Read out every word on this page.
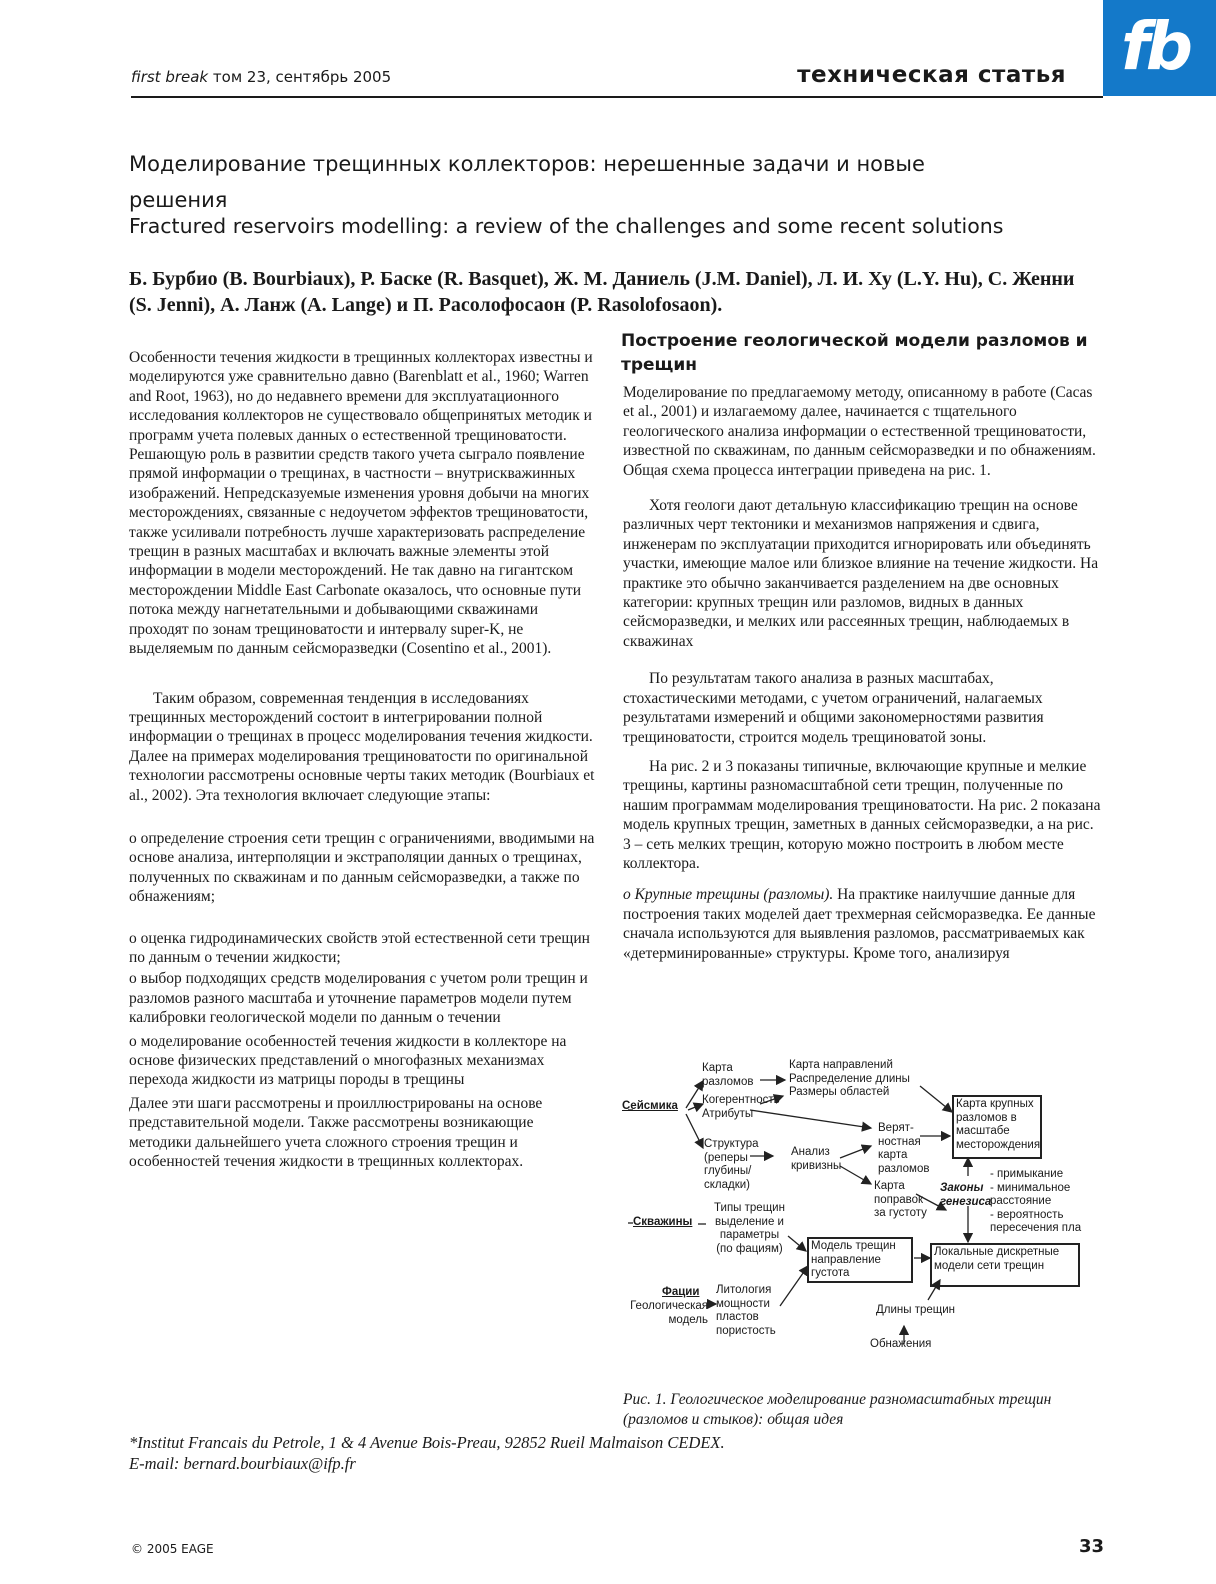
fb
first break том 23, сентябрь 2005	техническая статья
Моделирование трещинных коллекторов: нерешенные задачи и новые решения
Fractured reservoirs modelling: a review of the challenges and some recent solutions
Б. Бурбио (B. Bourbiaux), Р. Баске (R. Basquet), Ж. М. Даниель (J.M. Daniel), Л. И. Ху (L.Y. Hu), С. Женни (S. Jenni), А. Ланж (A. Lange) и П. Расолофосаон (P. Rasolofosaon).

Особенности течения жидкости в трещинных коллекторах известны и моделируются уже сравнительно давно (Barenblatt et al., 1960; Warren and Root, 1963), но до недавнего времени для эксплуатационного исследования коллекторов не существовало общепринятых методик и программ учета полевых данных о естественной трещиноватости. Решающую роль в развитии средств такого учета сыграло появление прямой информации о трещинах, в частности – внутрискважинных изображений. Непредсказуемые изменения уровня добычи на многих месторождениях, связанные с недоучетом эффектов трещиноватости, также усиливали потребность лучше характеризовать распределение трещин в разных масштабах и включать важные элементы этой информации в модели месторождений. Не так давно на гигантском месторождении Middle East Carbonate оказалось, что основные пути потока между нагнетательными и добывающими скважинами проходят по зонам трещиноватости и интервалу super-K, не выделяемым по данным сейсморазведки (Cosentino et al., 2001).

Таким образом, современная тенденция в исследованиях трещинных месторождений состоит в интегрировании полной информации о трещинах в процесс моделирования течения жидкости. Далее на примерах моделирования трещиноватости по оригинальной технологии рассмотрены основные черты таких методик (Bourbiaux et al., 2002). Эта технология включает следующие этапы:

o определение строения сети трещин с ограничениями, вводимыми на основе анализа, интерполяции и экстраполяции данных о трещинах, полученных по скважинам и по данным сейсморазведки, а также по обнажениям;

o оценка гидродинамических свойств этой естественной сети трещин по данным о течении жидкости;

o выбор подходящих средств моделирования с учетом роли трещин и разломов разного масштаба и уточнение параметров модели путем калибровки геологической модели по данным о течении

o моделирование особенностей течения жидкости в коллекторе на основе физических представлений о многофазных механизмах перехода жидкости из матрицы породы в трещины

Далее эти шаги рассмотрены и проиллюстрированы на основе представительной модели. Также рассмотрены возникающие методики дальнейшего учета сложного строения трещин и особенностей течения жидкости в трещинных коллекторах.

Построение геологической модели разломов и трещин

Моделирование по предлагаемому методу, описанному в работе (Cacas et al., 2001) и излагаемому далее, начинается с тщательного геологического анализа информации о естественной трещиноватости, известной по скважинам, по данным сейсморазведки и по обнажениям. Общая схема процесса интеграции приведена на рис. 1.

Хотя геологи дают детальную классификацию трещин на основе различных черт тектоники и механизмов напряжения и сдвига, инженерам по эксплуатации приходится игнорировать или объединять участки, имеющие малое или близкое влияние на течение жидкости. На практике это обычно заканчивается разделением на две основных категории: крупных трещин или разломов, видных в данных сейсморазведки, и мелких или рассеянных трещин, наблюдаемых в скважинах

По результатам такого анализа в разных масштабах, стохастическими методами, с учетом ограничений, налагаемых результатами измерений и общими закономерностями развития трещиноватости, строится модель трещиноватой зоны.

На рис. 2 и 3 показаны типичные, включающие крупные и мелкие трещины, картины разномасштабной сети трещин, полученные по нашим программам моделирования трещиноватости. На рис. 2 показана модель крупных трещин, заметных в данных сейсморазведки, а на рис. 3 – сеть мелких трещин, которую можно построить в любом месте коллектора.

o Крупные трещины (разломы). На практике наилучшие данные для построения таких моделей дает трехмерная сейсморазведка. Ее данные сначала используются для выявления разломов, рассматриваемых как «детерминированные» структуры. Кроме того, анализируя

Сейсмика
Скважины
Фации
Геологическая модель
Карта
разломов
Когерентность
Атрибуты
Структура
(реперы
глубины/
складки)
Анализ
кривизны
Карта направлений
Распределение длины
Размеры областей
Веpят-
ностная
карта
разломов
Карта
поправок
за густоту
Карта крупных
разломов в
масштабе
месторождения
Законы
генезиса
- примыкание
- минимальное
расстояние
- вероятность
пересечения пла
Типы трещин
выделение и
параметры
(по фациям) Модель трещин
направление
густота
Локальные дискретные
модели сети трещин
Литология
мощности
пластов
пористость
Длины трещин
Обнажения
Рис. 1. Геологическое моделирование разномасштабных трещин (разломов и стыков): общая идея
*Institut Francais du Petrole, 1 & 4 Avenue Bois-Preau, 92852 Rueil Malmaison CEDEX.
E-mail: bernard.bourbiaux@ifp.fr
© 2005 EAGE	33
